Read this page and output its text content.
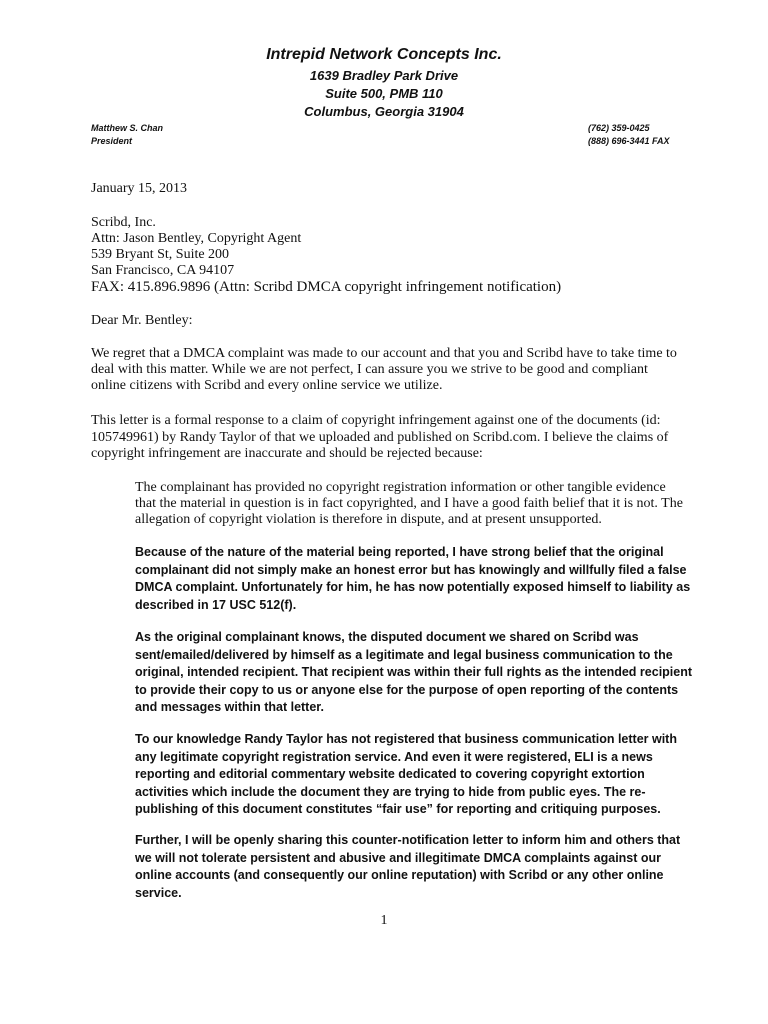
Intrepid Network Concepts Inc.
1639 Bradley Park Drive
Suite 500, PMB 110
Columbus, Georgia 31904
Matthew S. Chan
President
(762) 359-0425
(888) 696-3441 FAX
January 15, 2013

Scribd, Inc.

Attn: Jason Bentley, Copyright Agent

539 Bryant St, Suite 200

San Francisco, CA 94107

FAX: 415.896.9896 (Attn: Scribd DMCA copyright infringement notification)

Dear Mr. Bentley:

We regret that a DMCA complaint was made to our account and that you and Scribd have to take time to deal with this matter. While we are not perfect, I can assure you we strive to be good and compliant online citizens with Scribd and every online service we utilize.

This letter is a formal response to a claim of copyright infringement against one of the documents (id: 105749961) by Randy Taylor of that we uploaded and published on Scribd.com. I believe the claims of copyright infringement are inaccurate and should be rejected because:

The complainant has provided no copyright registration information or other tangible evidence that the material in question is in fact copyrighted, and I have a good faith belief that it is not. The allegation of copyright violation is therefore in dispute, and at present unsupported.

Because of the nature of the material being reported, I have strong belief that the original complainant did not simply make an honest error but has knowingly and willfully filed a false DMCA complaint. Unfortunately for him, he has now potentially exposed himself to liability as described in 17 USC 512(f).

As the original complainant knows, the disputed document we shared on Scribd was sent/emailed/delivered by himself as a legitimate and legal business communication to the original, intended recipient. That recipient was within their full rights as the intended recipient to provide their copy to us or anyone else for the purpose of open reporting of the contents and messages within that letter.

To our knowledge Randy Taylor has not registered that business communication letter with any legitimate copyright registration service. And even it were registered, ELI is a news reporting and editorial commentary website dedicated to covering copyright extortion activities which include the document they are trying to hide from public eyes. The re-publishing of this document constitutes “fair use” for reporting and critiquing purposes.

Further, I will be openly sharing this counter-notification letter to inform him and others that we will not tolerate persistent and abusive and illegitimate DMCA complaints against our online accounts (and consequently our online reputation) with Scribd or any other online service.

1
